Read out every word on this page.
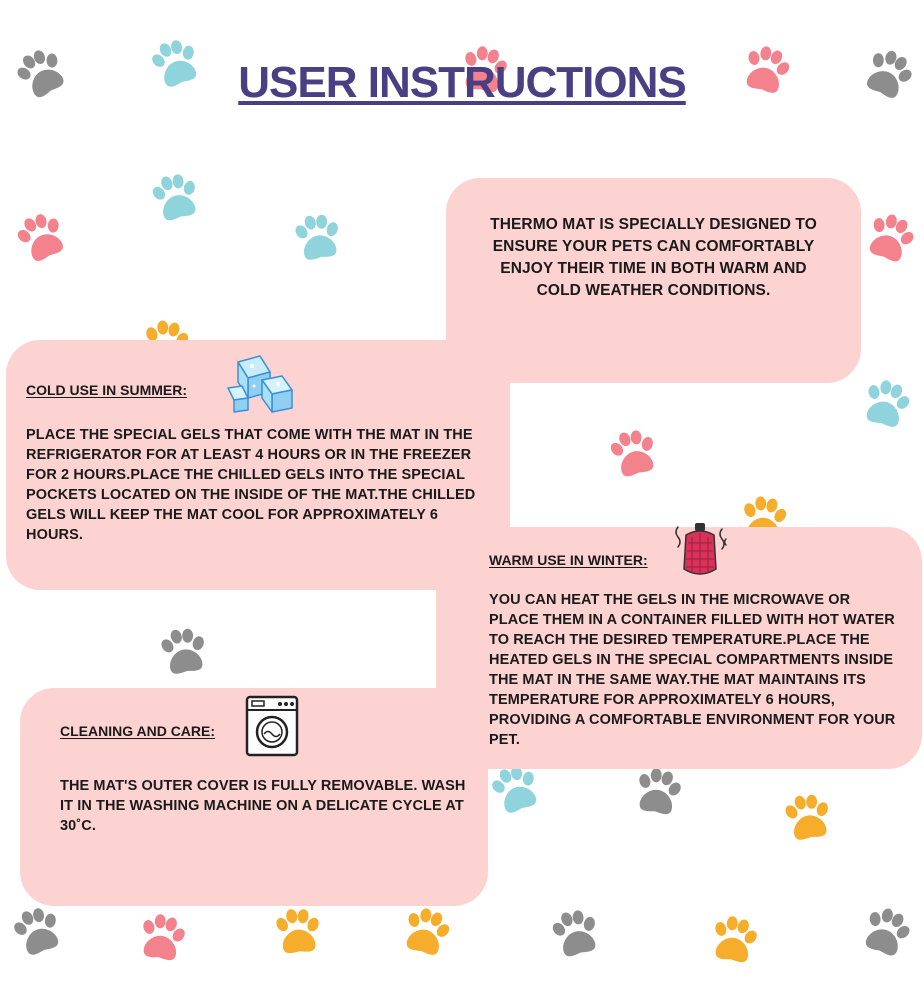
USER INSTRUCTIONS

THERMO MAT IS SPECIALLY DESIGNED TO ENSURE YOUR PETS CAN COMFORTABLY ENJOY THEIR TIME IN BOTH WARM AND COLD WEATHER CONDITIONS.

COLD USE IN SUMMER:

PLACE THE SPECIAL GELS THAT COME WITH THE MAT IN THE REFRIGERATOR FOR AT LEAST 4 HOURS OR IN THE FREEZER FOR 2 HOURS.PLACE THE CHILLED GELS INTO THE SPECIAL POCKETS LOCATED ON THE INSIDE OF THE MAT.THE CHILLED GELS WILL KEEP THE MAT COOL FOR APPROXIMATELY 6 HOURS.

WARM USE IN WINTER:

YOU CAN HEAT THE GELS IN THE MICROWAVE OR PLACE THEM IN A CONTAINER FILLED WITH HOT WATER TO REACH THE DESIRED TEMPERATURE.PLACE THE HEATED GELS IN THE SPECIAL COMPARTMENTS INSIDE THE MAT IN THE SAME WAY.THE MAT MAINTAINS ITS TEMPERATURE FOR APPROXIMATELY 6 HOURS, PROVIDING A COMFORTABLE ENVIRONMENT FOR YOUR PET.

CLEANING AND CARE:

THE MAT'S OUTER COVER IS FULLY REMOVABLE. WASH IT IN THE WASHING MACHINE ON A DELICATE CYCLE AT 30˚C.
